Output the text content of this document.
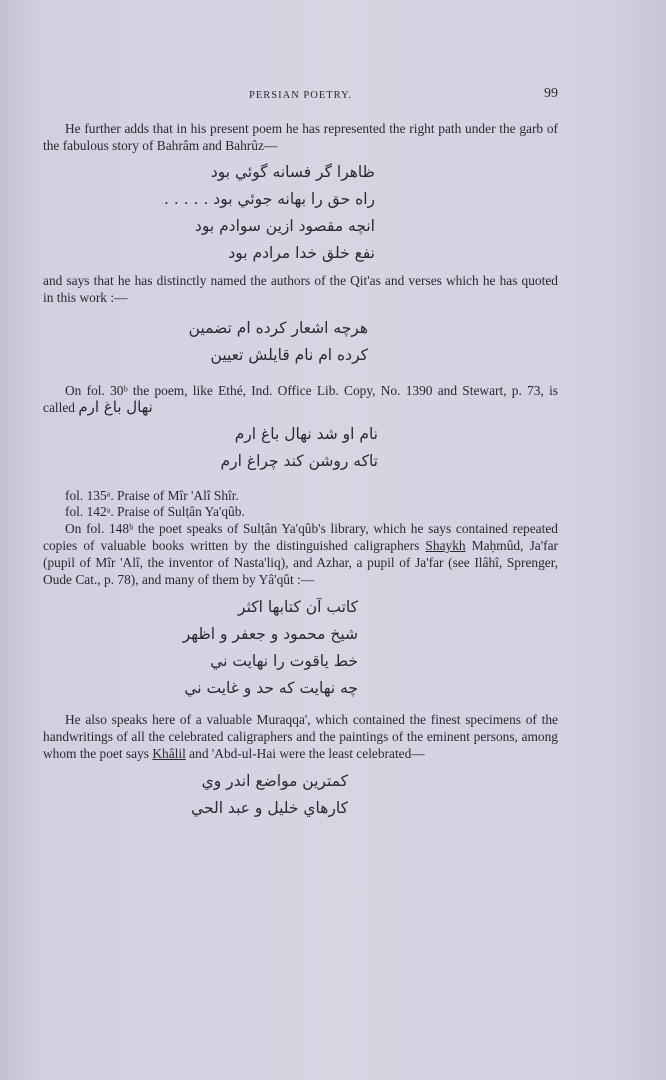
PERSIAN POETRY.	99

He further adds that in his present poem he has represented the right path under the garb of the fabulous story of Bahrâm and Bahrûz—

ظاهرا گر فسانه گوئي بود
راه حق را بهانه جوئي بود . . . . .
انچه مقصود ازين سوادم بود
نفع خلق خدا مرادم بود

and says that he has distinctly named the authors of the Qit'as and verses which he has quoted in this work :—

هرچه اشعار کرده ام تضمين
کرده ام نام قايلش تعيين

On fol. 30ᵇ the poem, like Ethé, Ind. Office Lib. Copy, No. 1390 and Stewart, p. 73, is called نهال باغ ارم

نام او شد نهال باغ ارم
تاکه روشن کند چراغ ارم
fol. 135ᵃ. Praise of Mîr 'Alî Shîr.
fol. 142ᵃ. Praise of Sulṭân Ya'qûb.

On fol. 148ᵇ the poet speaks of Sulṭân Ya'qûb's library, which he says contained repeated copies of valuable books written by the distinguished caligraphers Shaykh Maḥmûd, Ja'far (pupil of Mîr 'Alî, the inventor of Nasta'liq), and Azhar, a pupil of Ja'far (see Ilâhî, Sprenger, Oude Cat., p. 78), and many of them by Yâ'qût :—

کاتب آن کتابها اکثر
شيخ محمود و جعفر و اظهر
خط ياقوت را نهايت ني
چه نهايت که حد و غايت ني

He also speaks here of a valuable Muraqqa', which contained the finest specimens of the handwritings of all the celebrated caligraphers and the paintings of the eminent persons, among whom the poet says Khâlil and 'Abd-ul-Hai were the least celebrated—

کمترين مواضع اندر وي
کارهاي خليل و عبد الحي
